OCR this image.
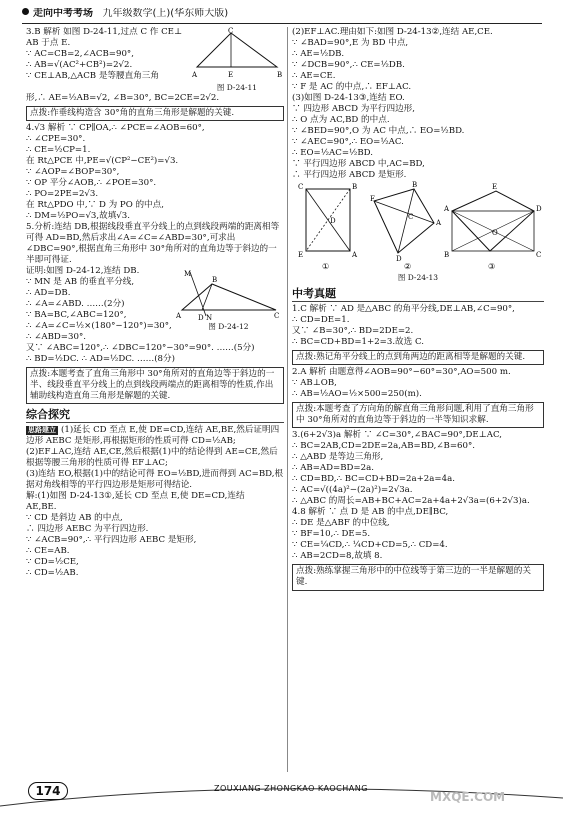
走向中考考场 九年级数学(上)(华东师大版)

3.B 解析 如图 D-24-11,过点 C 作 CE⊥

AB 于点 E.

∵ AC=CB=2,∠ACB=90°,

∴ AB=√(AC²+CB²)=2√2.

∵ CE⊥AB,△ACB 是等腰直角三角	A
C
B
E
图 D-24-11

形,∴ AE=½AB=√2, ∠B=30°, BC=2CE=2√2.

点拨:作垂线构造含 30°角的直角三角形是解题的关键.

4.√3 解析 ∵ CP∥OA,∴ ∠PCE=∠AOB=60°,

∴ ∠CPE=30°.

∴ CE=½CP=1.

在 Rt△PCE 中,PE=√(CP²−CE²)=√3.

∵ ∠AOP=∠BOP=30°,

∵ OP 平分∠AOB,∴ ∠POE=30°.

∴ PO=2PE=2√3.

在 Rt△PDO 中,∵ D 为 PO 的中点,

∴ DM=½PO=√3,故填√3.

5.分析:连结 DB,根据线段垂直平分线上的点到线段两端的距离相等可得 AD=BD,然后求出∠A=∠C=∠ABD=30°,可求出∠DBC=90°,根据直角三角形中 30°角所对的直角边等于斜边的一半即可得证.

证明:如图 D-24-12,连结 DB.

∵ MN 是 AB 的垂直平分线,

∴ AD=DB.

∴ ∠A=∠ABD. ……(2分)

∵ BA=BC,∠ABC=120°,

∴ ∠A=∠C=½×(180°−120°)=30°,

M
N
B
A D	C
图 D-24-12

∴ ∠ABD=30°.

又∵ ∠ABC=120°,∴ ∠DBC=120°−30°=90°. ……(5分)

∴ BD=½DC. ∴ AD=½DC. ……(8分)

点拨:本题考查了直角三角形中 30°角所对的直角边等于斜边的一半、线段垂直平分线上的点到线段两端点的距离相等的性质,作出辅助线构造直角三角形是解题的关键.
综合探究

思路建立 (1)延长 CD 至点 E,使 DE=CD,连结 AE,BE,然后证明四边形 AEBC 是矩形,再根据矩形的性质可得 CD=½AB;

(2)EF⊥AC,连结 AE,CE,然后根据(1)中的结论得到 AE=CE,然后根据等腰三角形的性质可得 EF⊥AC;

(3)连结 EO,根据(1)中的结论可得 EO=½BD,进而得到 AC=BD,根据对角线相等的平行四边形是矩形可得结论.

解:(1)如图 D-24-13①,延长 CD 至点 E,使 DE=CD,连结

AE,BE.

∵ CD 是斜边 AB 的中点,

∴ 四边形 AEBC 为平行四边形.

∵ ∠ACB=90°,∴ 平行四边形 AEBC 是矩形,

∴ CE=AB.

∵ CD=½CE,

∴ CD=½AB.

(2)EF⊥AC.理由如下:如图 D-24-13②,连结 AE,CE.

∵ ∠BAD=90°,E 为 BD 中点,

∴ AE=½DB.

∵ ∠DCB=90°,∴ CE=½DB.

∴ AE=CE.

∵ F 是 AC 的中点,∴ EF⊥AC.

(3)如图 D-24-13③,连结 EO.

∵ 四边形 ABCD 为平行四边形,

∴ O 点为 AC,BD 的中点.

∵ ∠BED=90°,O 为 AC 中点,∴ EO=½BD.

∵ ∠AEC=90°,∴ EO=½AC.

∴ EO=½AC=½BD.

∵ 平行四边形 ABCD 中,AC=BD,

∴ 平行四边形 ABCD 是矩形.

C	B
D
E	A
①
F
B
A
C
D
②
E
A	D
O
B	C
③
图 D-24-13
中考真题

1.C 解析 ∵ AD 是△ABC 的角平分线,DE⊥AB,∠C=90°,

∴ CD=DE=1.

又∵ ∠B=30°,∴ BD=2DE=2.

∴ BC=CD+BD=1+2=3.故选 C.

点拨:熟记角平分线上的点到角两边的距离相等是解题的关键.

2.A 解析 由题意得∠AOB=90°−60°=30°,AO=500 m.

∵ AB⊥OB,

∴ AB=½AO=½×500=250(m).

点拨:本题考查了方向角的解直角三角形问题,利用了直角三角形中 30°角所对的直角边等于斜边的一半等知识求解.

3.(6+2√3)a 解析 ∵ ∠C=30°,∠BAC=90°,DE⊥AC,

∴ BC=2AB,CD=2DE=2a,AB=BD,∠B=60°.

∴ △ABD 是等边三角形,

∴ AB=AD=BD=2a.

∴ CD=BD,∴ BC=CD+BD=2a+2a=4a.

∴ AC=√((4a)²−(2a)²)=2√3a.

∴ △ABC 的周长=AB+BC+AC=2a+4a+2√3a=(6+2√3)a.

4.8 解析 ∵ 点 D 是 AB 的中点,DE∥BC,

∴ DE 是△ABF 的中位线,

∵ BF=10,∴ DE=5.

∵ CE=¼CD,∴ ¼CD+CD=5,∴ CD=4.

∴ AB=2CD=8,故填 8.

点拨:熟练掌握三角形中的中位线等于第三边的一半是解题的关键.
174	ZOUXIANG ZHONGKAO KAOCHANG
MXQE.COM
